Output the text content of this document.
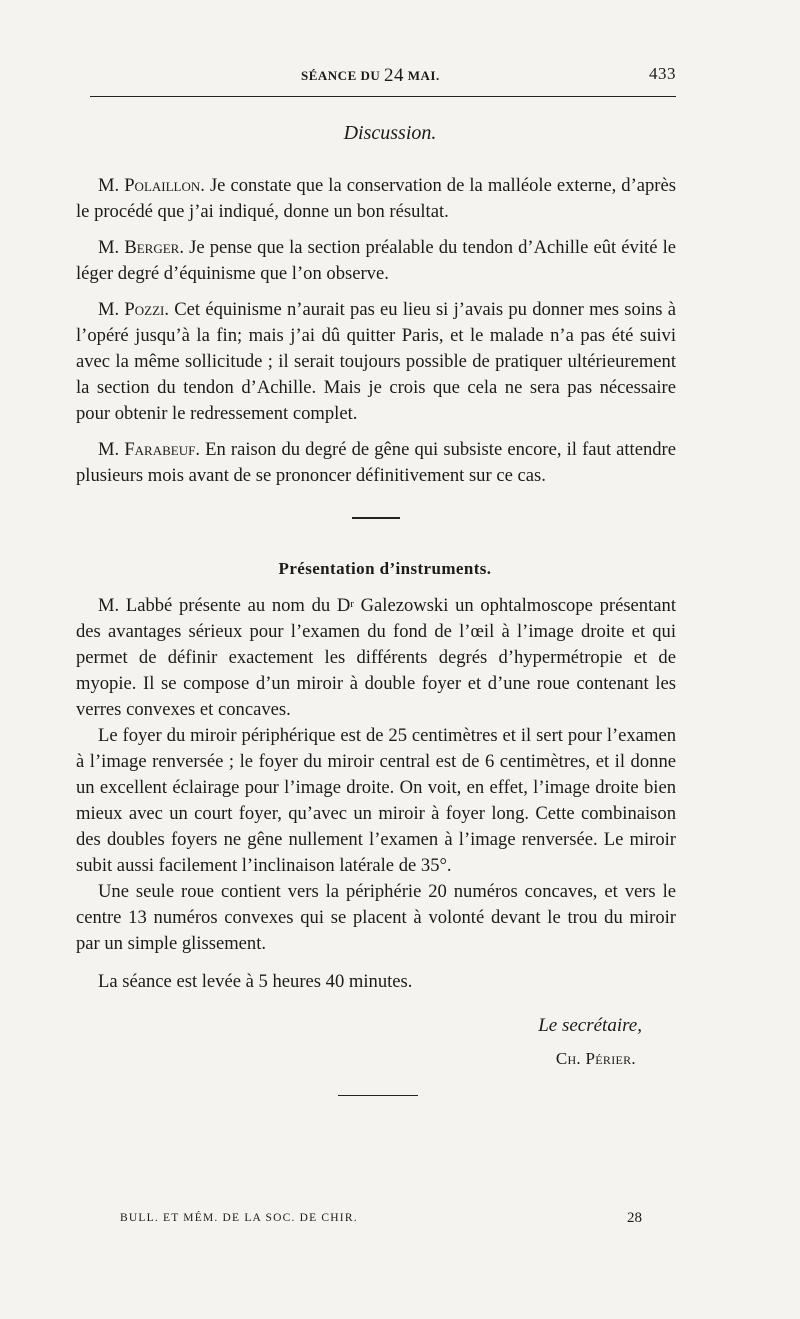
SÉANCE DU 24 MAI.	433
Discussion.

M. Polaillon. Je constate que la conservation de la malléole externe, d’après le procédé que j’ai indiqué, donne un bon résultat.

M. Berger. Je pense que la section préalable du tendon d’Achille eût évité le léger degré d’équinisme que l’on observe.

M. Pozzi. Cet équinisme n’aurait pas eu lieu si j’avais pu donner mes soins à l’opéré jusqu’à la fin; mais j’ai dû quitter Paris, et le malade n’a pas été suivi avec la même sollicitude ; il serait toujours possible de pratiquer ultérieurement la section du tendon d’Achille. Mais je crois que cela ne sera pas nécessaire pour obtenir le redressement complet.

M. Farabeuf. En raison du degré de gêne qui subsiste encore, il faut attendre plusieurs mois avant de se prononcer définitivement sur ce cas.

Présentation d’instruments.

M. Labbé présente au nom du $D^r$ Galezowski un ophtalmoscope présentant des avantages sérieux pour l’examen du fond de l’œil à l’image droite et qui permet de définir exactement les différents degrés d’hypermétropie et de myopie. Il se compose d’un miroir à double foyer et d’une roue contenant les verres convexes et concaves.

Le foyer du miroir périphérique est de 25 centimètres et il sert pour l’examen à l’image renversée ; le foyer du miroir central est de 6 centimètres, et il donne un excellent éclairage pour l’image droite. On voit, en effet, l’image droite bien mieux avec un court foyer, qu’avec un miroir à foyer long. Cette combinaison des doubles foyers ne gêne nullement l’examen à l’image renversée. Le miroir subit aussi facilement l’inclinaison latérale de 35°.

Une seule roue contient vers la périphérie 20 numéros concaves, et vers le centre 13 numéros convexes qui se placent à volonté devant le trou du miroir par un simple glissement.

La séance est levée à 5 heures 40 minutes.

Le secrétaire,
Ch. Périer.
BULL. ET MÉM. DE LA SOC. DE CHIR.	28
